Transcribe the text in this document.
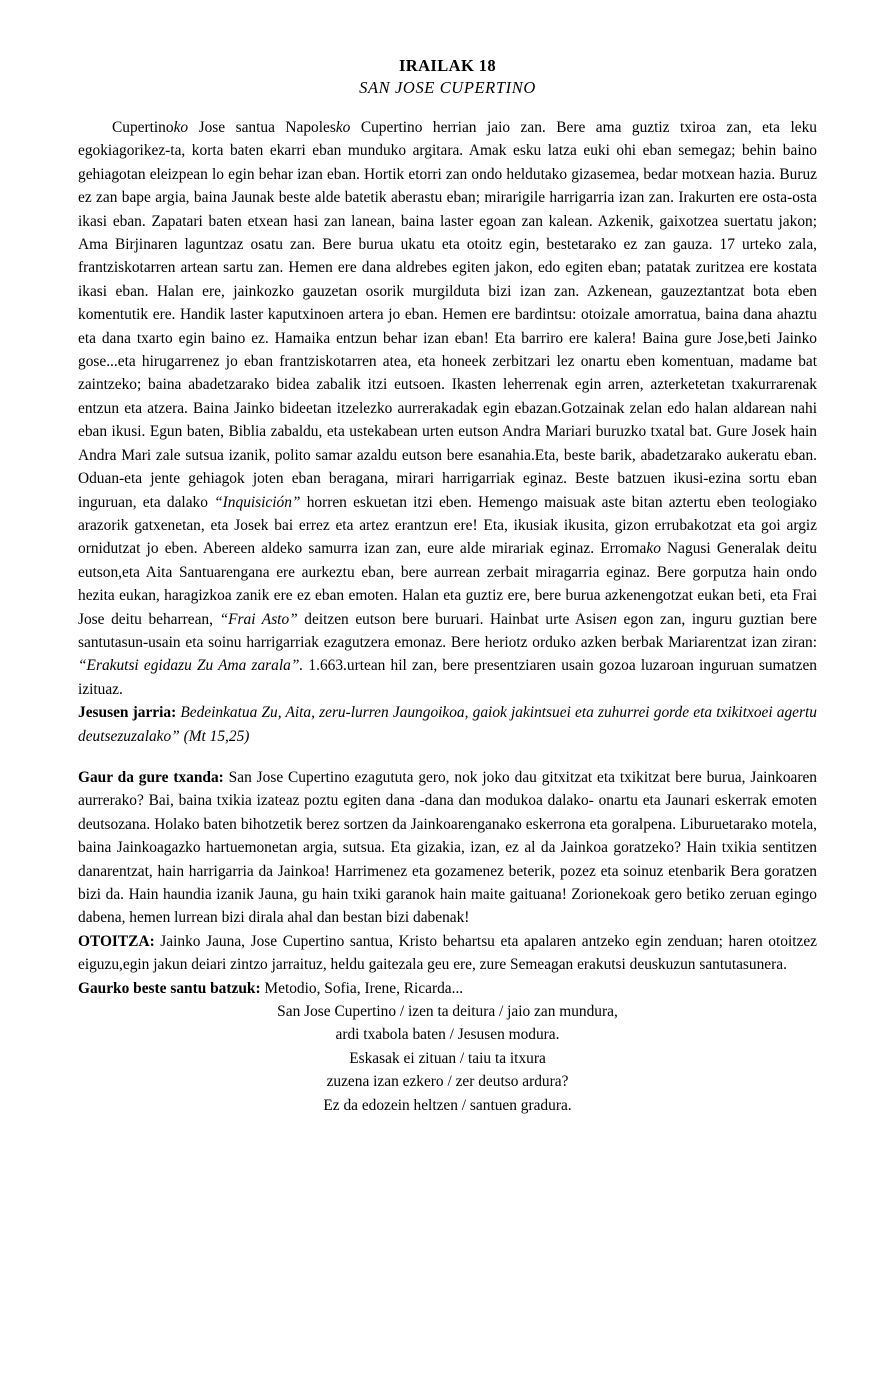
IRAILAK 18
SAN JOSE CUPERTINO

Cupertinoko Jose santua Napolesko Cupertino herrian jaio zan. Bere ama guztiz txiroa zan, eta leku egokiagorikez-ta, korta baten ekarri eban munduko argitara. Amak esku latza euki ohi eban semegaz; behin baino gehiagotan eleizpean lo egin behar izan eban. Hortik etorri zan ondo heldutako gizasemea, bedar motxean hazia. Buruz ez zan bape argia, baina Jaunak beste alde batetik aberastu eban; mirarigile harrigarria izan zan. Irakurten ere osta-osta ikasi eban. Zapatari baten etxean hasi zan lanean, baina laster egoan zan kalean. Azkenik, gaixotzea suertatu jakon; Ama Birjinaren laguntzaz osatu zan. Bere burua ukatu eta otoitz egin, bestetarako ez zan gauza. 17 urteko zala, frantziskotarren artean sartu zan. Hemen ere dana aldrebes egiten jakon, edo egiten eban; patatak zuritzea ere kostata ikasi eban. Halan ere, jainkozko gauzetan osorik murgilduta bizi izan zan. Azkenean, gauzeztantzat bota eben komentutik ere. Handik laster kaputxinoen artera jo eban. Hemen ere bardintsu: otoizale amorratua, baina dana ahaztu eta dana txarto egin baino ez. Hamaika entzun behar izan eban! Eta barriro ere kalera! Baina gure Jose,beti Jainko gose...eta hirugarrenez jo eban frantziskotarren atea, eta honeek zerbitzari lez onartu eben komentuan, madame bat zaintzeko; baina abadetzarako bidea zabalik itzi eutsoen. Ikasten leherrenak egin arren, azterketetan txakurrarenak entzun eta atzera. Baina Jainko bideetan itzelezko aurrerakadak egin ebazan.Gotzainak zelan edo halan aldarean nahi eban ikusi. Egun baten, Biblia zabaldu, eta ustekabean urten eutson Andra Mariari buruzko txatal bat. Gure Josek hain Andra Mari zale sutsua izanik, polito samar azaldu eutson bere esanahia.Eta, beste barik, abadetzarako aukeratu eban. Oduan-eta jente gehiagok joten eban beragana, mirari harrigarriak eginaz. Beste batzuen ikusi-ezina sortu eban inguruan, eta dalako “Inquisición” horren eskuetan itzi eben. Hemengo maisuak aste bitan aztertu eben teologiako arazorik gatxenetan, eta Josek bai errez eta artez erantzun ere! Eta, ikusiak ikusita, gizon errubakotzat eta goi argiz ornidutzat jo eben. Abereen aldeko samurra izan zan, eure alde mirariak eginaz. Erromako Nagusi Generalak deitu eutson,eta Aita Santuarengana ere aurkeztu eban, bere aurrean zerbait miragarria eginaz. Bere gorputza hain ondo hezita eukan, haragizkoa zanik ere ez eban emoten. Halan eta guztiz ere, bere burua azkenengotzat eukan beti, eta Frai Jose deitu beharrean, “Frai Asto” deitzen eutson bere buruari. Hainbat urte Asisen egon zan, inguru guztian bere santutasun-usain eta soinu harrigarriak ezagutzera emonaz. Bere heriotz orduko azken berbak Mariarentzat izan ziran: “Erakutsi egidazu Zu Ama zarala”. 1.663.urtean hil zan, bere presentziaren usain gozoa luzaroan inguruan sumatzen izituaz.

Jesusen jarria: Bedeinkatua Zu, Aita, zeru-lurren Jaungoikoa, gaiok jakintsuei eta zuhurrei gorde eta txikitxoei agertu deutsezuzalako” (Mt 15,25)

Gaur da gure txanda: San Jose Cupertino ezagututa gero, nok joko dau gitxitzat eta txikitzat bere burua, Jainkoaren aurrerako? Bai, baina txikia izateaz poztu egiten dana -dana dan modukoa dalako- onartu eta Jaunari eskerrak emoten deutsozana. Holako baten bihotzetik berez sortzen da Jainkoarenganako eskerrona eta goralpena. Liburuetarako motela, baina Jainkoagazko hartuemonetan argia, sutsua. Eta gizakia, izan, ez al da Jainkoa goratzeko? Hain txikia sentitzen danarentzat, hain harrigarria da Jainkoa! Harrimenez eta gozamenez beterik, pozez eta soinuz etenbarik Bera goratzen bizi da. Hain haundia izanik Jauna, gu hain txiki garanok hain maite gaituana! Zorionekoak gero betiko zeruan egingo dabena, hemen lurrean bizi dirala ahal dan bestan bizi dabenak!

OTOITZA: Jainko Jauna, Jose Cupertino santua, Kristo behartsu eta apalaren antzeko egin zenduan; haren otoitzez eiguzu,egin jakun deiari zintzo jarraituz, heldu gaitezala geu ere, zure Semeagan erakutsi deuskuzun santutasunera.

Gaurko beste santu batzuk: Metodio, Sofia, Irene, Ricarda...

San Jose Cupertino / izen ta deitura / jaio zan mundura,
ardi txabola baten / Jesusen modura.
Eskasak ei zituan / taiu ta itxura
zuzena izan ezkero / zer deutso ardura?
Ez da edozein heltzen / santuen gradura.
